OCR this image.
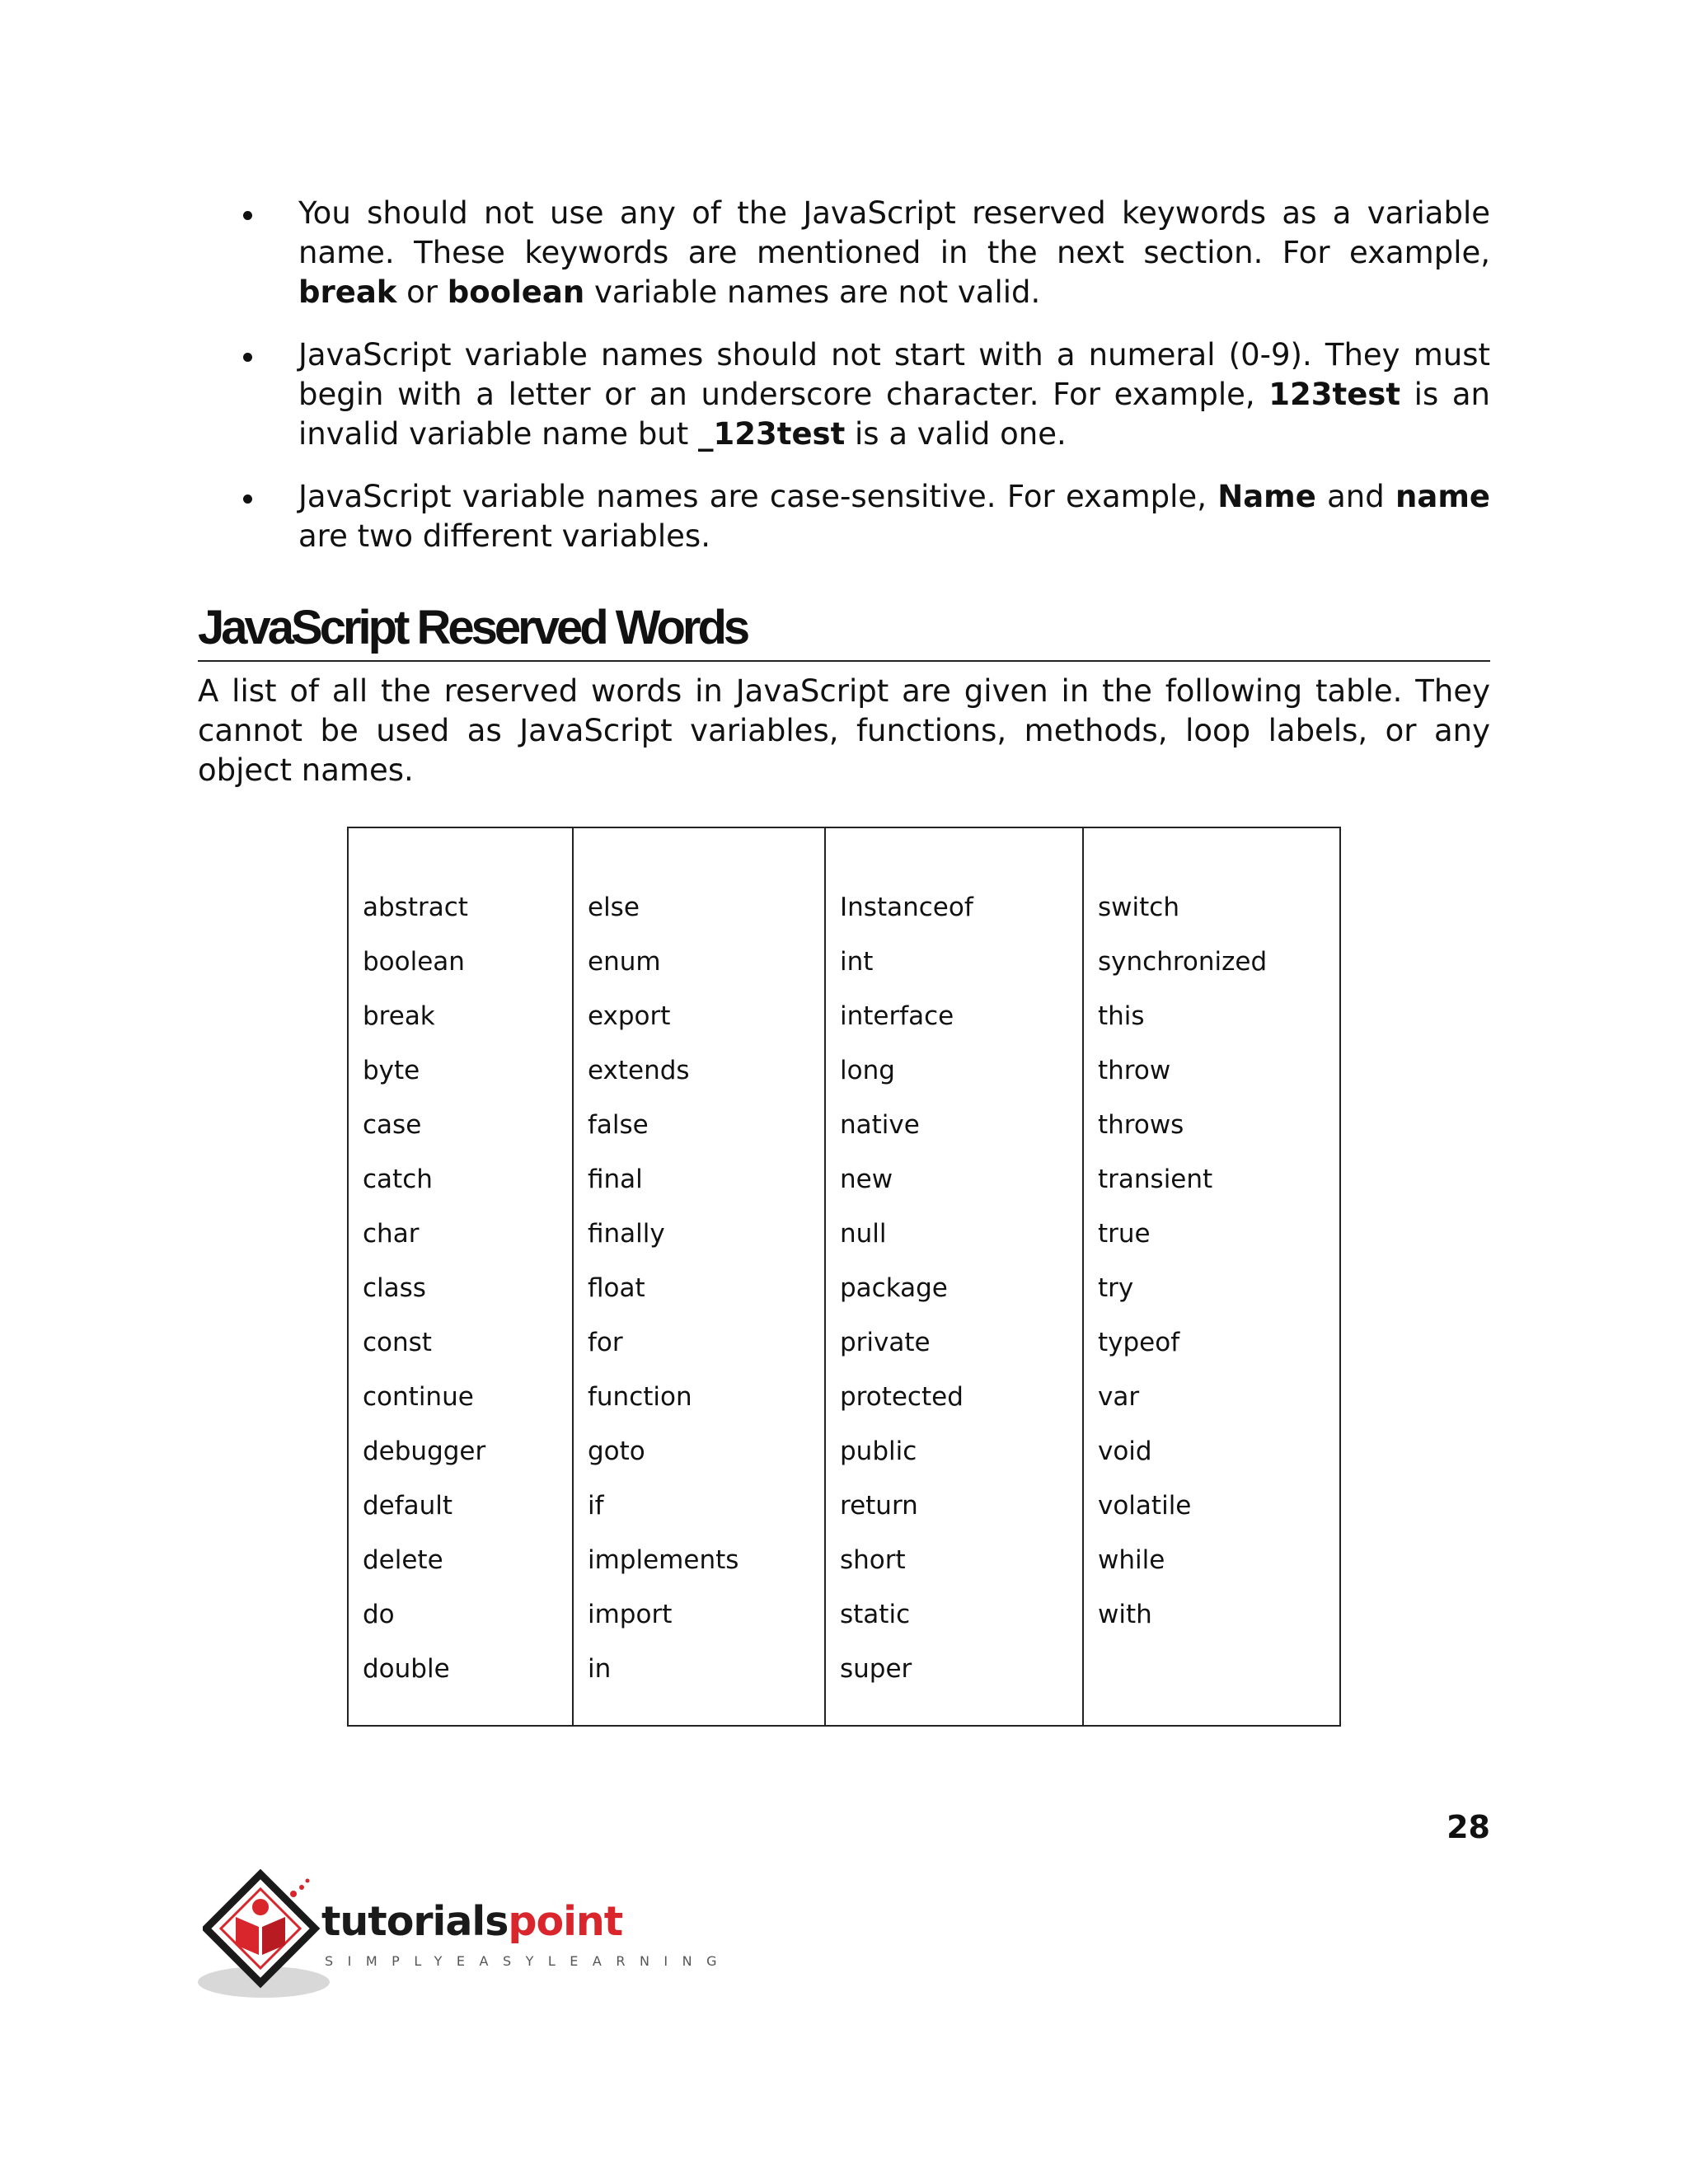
You should not use any of the JavaScript reserved keywords as a variable name. These keywords are mentioned in the next section. For example, break or boolean variable names are not valid.
JavaScript variable names should not start with a numeral (0-9). They must begin with a letter or an underscore character. For example, 123test is an invalid variable name but _123test is a valid one.
JavaScript variable names are case-sensitive. For example, Name and name are two different variables.
JavaScript Reserved Words

A list of all the reserved words in JavaScript are given in the following table. They cannot be used as JavaScript variables, functions, methods, loop labels, or any object names.

abstract
boolean
break
byte
case
catch
char
class
const
continue
debugger
default
delete
do
double
else
enum
export
extends
false
final
finally
float
for
function
goto
if
implements
import
in
Instanceof
int
interface
long
native
new
null
package
private
protected
public
return
short
static
super
switch
synchronized
this
throw
throws
transient
true
try
typeof
var
void
volatile
while
with
28
tutorialspoint
SIMPLYEASYLEARNING
